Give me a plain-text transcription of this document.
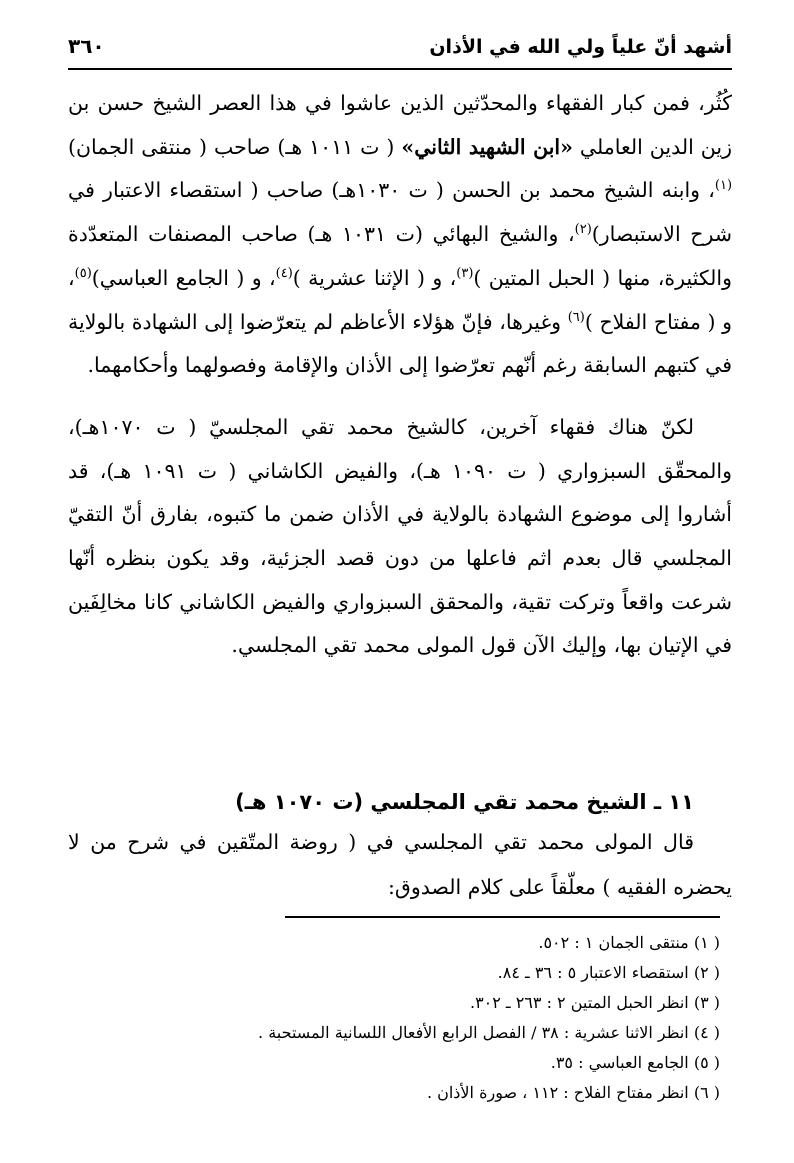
أشهد أنّ علياً ولي الله في الأذان
٣٦٠

كُثُر، فمن كبار الفقهاء والمحدّثين الذين عاشوا في هذا العصر الشيخ حسن بن زين الدين العاملي «ابن الشهيد الثاني» ( ت ١٠١١ هـ) صاحب ( منتقى الجمان)$^{(١)}$، وابنه الشيخ محمد بن الحسن ( ت ١٠٣٠هـ) صاحب ( استقصاء الاعتبار في شرح الاستبصار)$^{(٢)}$، والشيخ البهائي (ت ١٠٣١ هـ) صاحب المصنفات المتعدّدة والكثيرة، منها ( الحبل المتين )$^{(٣)}$، و ( الإثنا عشرية )$^{(٤)}$، و ( الجامع العباسي)$^{(٥)}$، و ( مفتاح الفلاح )$^{(٦)}$ وغيرها، فإنّ هؤلاء الأعاظم لم يتعرّضوا إلى الشهادة بالولاية في كتبهم السابقة رغم أنّهم تعرّضوا إلى الأذان والإقامة وفصولهما وأحكامهما.

لكنّ هناك فقهاء آخرين، كالشيخ محمد تقي المجلسيّ ( ت ١٠٧٠هـ)، والمحقّق السبزواري ( ت ١٠٩٠ هـ)، والفيض الكاشاني ( ت ١٠٩١ هـ)، قد أشاروا إلى موضوع الشهادة بالولاية في الأذان ضمن ما كتبوه، بفارق أنّ التقيّ المجلسي قال بعدم اثم فاعلها من دون قصد الجزئية، وقد يكون بنظره أنّها شرعت واقعاً وتركت تقية، والمحقق السبزواري والفيض الكاشاني كانا مخالِفَين في الإتيان بها، وإليك الآن قول المولى محمد تقي المجلسي.

١١ ـ الشيخ محمد تقي المجلسي (ت ١٠٧٠ هـ)
قال المولى محمد تقي المجلسي في ( روضة المتّقين في شرح من لا يحضره الفقيه ) معلّقاً على كلام الصدوق:
( ١) منتقى الجمان ١ : ٥٠٢.
( ٢) استقصاء الاعتبار ٥ : ٣٦ ـ ٨٤.
( ٣) انظر الحبل المتين ٢ : ٢٦٣ ـ ٣٠٢.
( ٤) انظر الاثنا عشرية : ٣٨ / الفصل الرابع الأفعال اللسانية المستحبة .
( ٥) الجامع العباسي : ٣٥.
( ٦) انظر مفتاح الفلاح : ١١٢ ، صورة الأذان .
